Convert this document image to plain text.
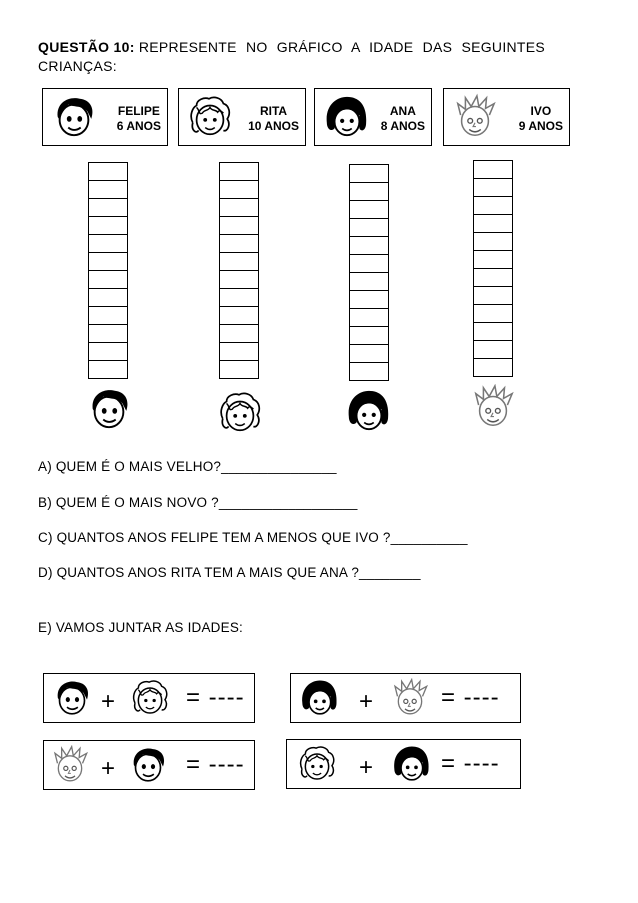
QUESTÃO 10: REPRESENTE NO GRÁFICO A IDADE DAS SEGUINTES CRIANÇAS:
FELIPE
6 ANOS
RITA
10 ANOS
ANA
8 ANOS
IVO
9 ANOS
A) QUEM É O MAIS VELHO?_______________
B) QUEM É O MAIS NOVO ?__________________
C) QUANTOS ANOS FELIPE TEM A MENOS QUE IVO ?__________
D) QUANTOS ANOS RITA TEM A MAIS QUE ANA ?________
E) VAMOS JUNTAR AS IDADES:
+	= ----	+	= ----
+	= ----	+	= ----
